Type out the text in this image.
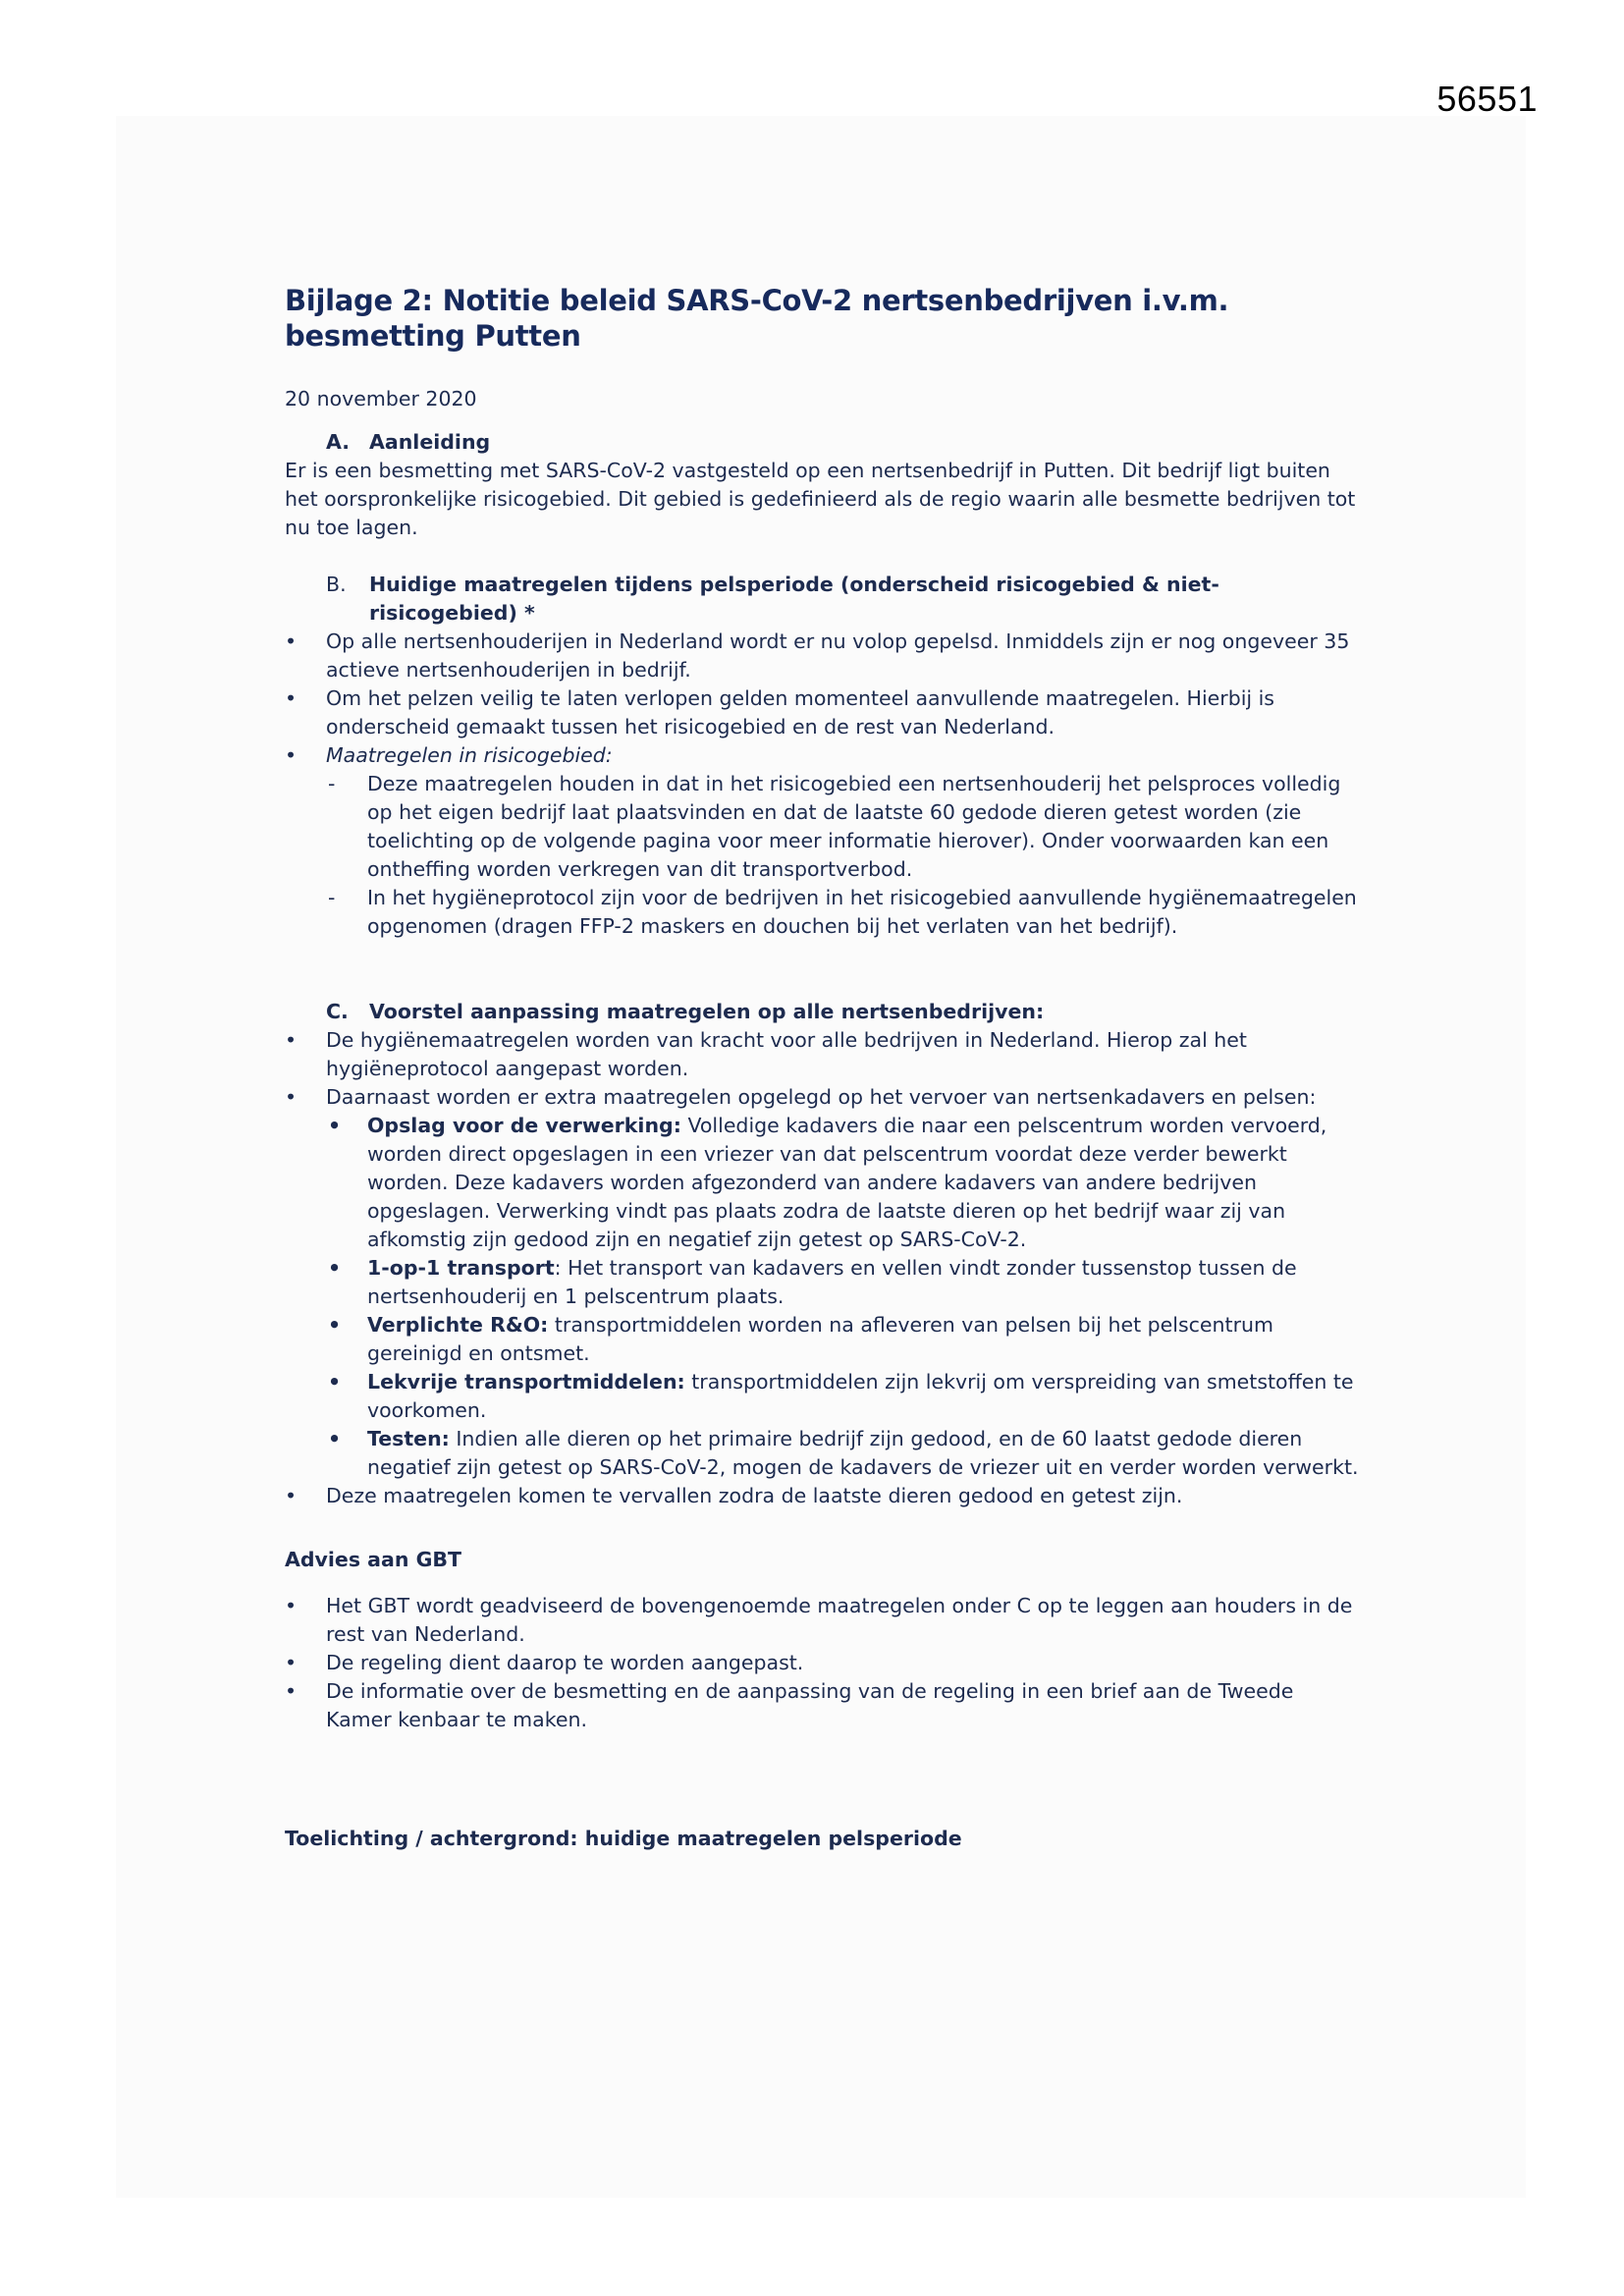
56551
Bijlage 2: Notitie beleid SARS-CoV-2 nertsenbedrijven i.v.m. besmetting Putten
20 november 2020
A. Aanleiding

Er is een besmetting met SARS-CoV-2 vastgesteld op een nertsenbedrijf in Putten. Dit bedrijf ligt buiten het oorspronkelijke risicogebied. Dit gebied is gedefinieerd als de regio waarin alle besmette bedrijven tot nu toe lagen.

B.	Huidige maatregelen tijdens pelsperiode (onderscheid risicogebied & niet-risicogebied) *
• Op alle nertsenhouderijen in Nederland wordt er nu volop gepelsd. Inmiddels zijn er nog ongeveer 35 actieve nertsenhouderijen in bedrijf.
• Om het pelzen veilig te laten verlopen gelden momenteel aanvullende maatregelen. Hierbij is onderscheid gemaakt tussen het risicogebied en de rest van Nederland.
• Maatregelen in risicogebied:
- Deze maatregelen houden in dat in het risicogebied een nertsenhouderij het pelsproces volledig op het eigen bedrijf laat plaatsvinden en dat de laatste 60 gedode dieren getest worden (zie toelichting op de volgende pagina voor meer informatie hierover). Onder voorwaarden kan een ontheffing worden verkregen van dit transportverbod.
- In het hygiëneprotocol zijn voor de bedrijven in het risicogebied aanvullende hygiënemaatregelen opgenomen (dragen FFP-2 maskers en douchen bij het verlaten van het bedrijf).
C.	Voorstel aanpassing maatregelen op alle nertsenbedrijven:
• De hygiënemaatregelen worden van kracht voor alle bedrijven in Nederland. Hierop zal het hygiëneprotocol aangepast worden.
• Daarnaast worden er extra maatregelen opgelegd op het vervoer van nertsenkadavers en pelsen:
• Opslag voor de verwerking: Volledige kadavers die naar een pelscentrum worden vervoerd, worden direct opgeslagen in een vriezer van dat pelscentrum voordat deze verder bewerkt worden. Deze kadavers worden afgezonderd van andere kadavers van andere bedrijven opgeslagen. Verwerking vindt pas plaats zodra de laatste dieren op het bedrijf waar zij van afkomstig zijn gedood zijn en negatief zijn getest op SARS-CoV-2.
• 1-op-1 transport: Het transport van kadavers en vellen vindt zonder tussenstop tussen de nertsenhouderij en 1 pelscentrum plaats.
• Verplichte R&O: transportmiddelen worden na afleveren van pelsen bij het pelscentrum gereinigd en ontsmet.
• Lekvrije transportmiddelen: transportmiddelen zijn lekvrij om verspreiding van smetstoffen te voorkomen.
• Testen: Indien alle dieren op het primaire bedrijf zijn gedood, en de 60 laatst gedode dieren negatief zijn getest op SARS-CoV-2, mogen de kadavers de vriezer uit en verder worden verwerkt.
• Deze maatregelen komen te vervallen zodra de laatste dieren gedood en getest zijn.
Advies aan GBT
• Het GBT wordt geadviseerd de bovengenoemde maatregelen onder C op te leggen aan houders in de rest van Nederland.
• De regeling dient daarop te worden aangepast.
• De informatie over de besmetting en de aanpassing van de regeling in een brief aan de Tweede Kamer kenbaar te maken.
Toelichting / achtergrond: huidige maatregelen pelsperiode
